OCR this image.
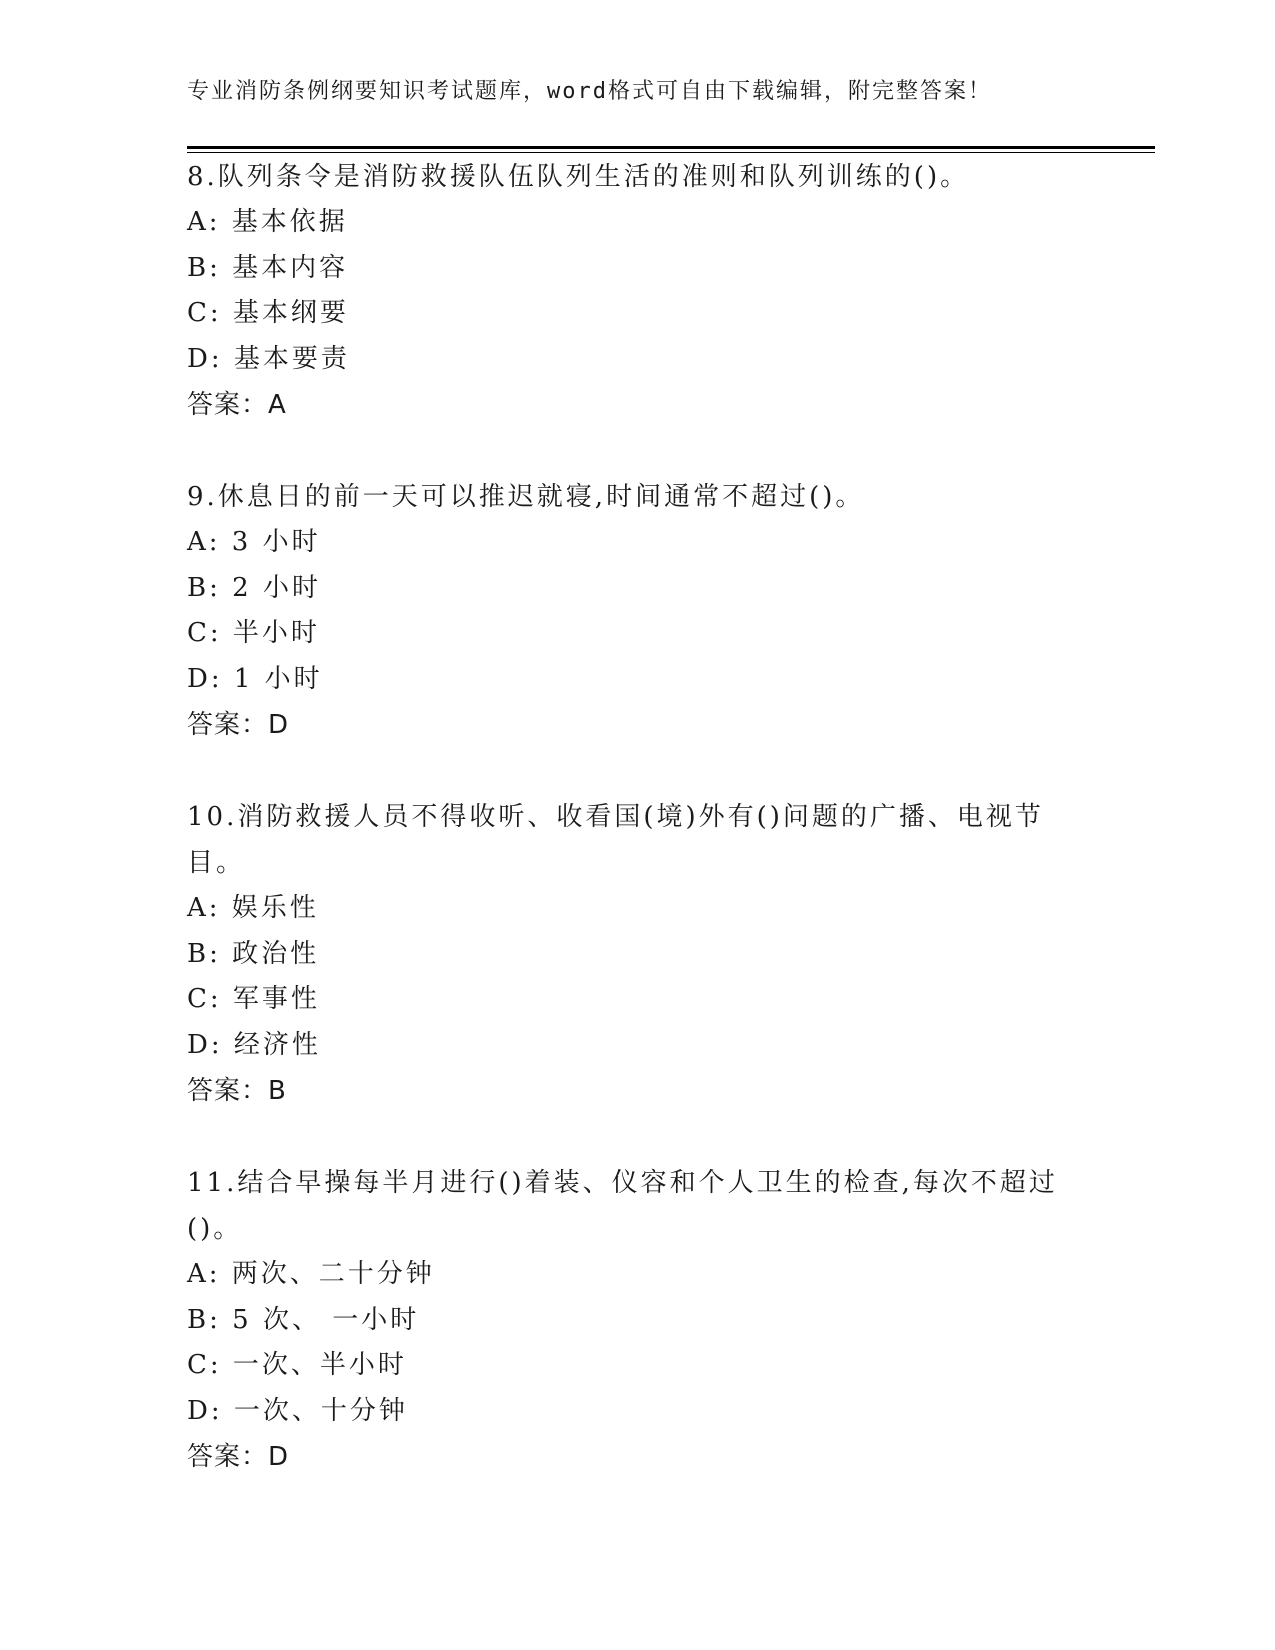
专业消防条例纲要知识考试题库，word格式可自由下载编辑，附完整答案！

8.队列条令是消防救援队伍队列生活的准则和队列训练的()。

A: 基本依据
B: 基本内容
C: 基本纲要
D: 基本要责
答案：A

9.休息日的前一天可以推迟就寝,时间通常不超过()。

A: 3 小时
B: 2 小时
C: 半小时
D: 1 小时
答案：D

10.消防救援人员不得收听、收看国(境)外有()问题的广播、电视节目。

A: 娱乐性
B: 政治性
C: 军事性
D: 经济性
答案：B

11.结合早操每半月进行()着装、仪容和个人卫生的检查,每次不超过()。

A: 两次、二十分钟
B: 5 次、 一小时
C: 一次、半小时
D: 一次、十分钟
答案：D
